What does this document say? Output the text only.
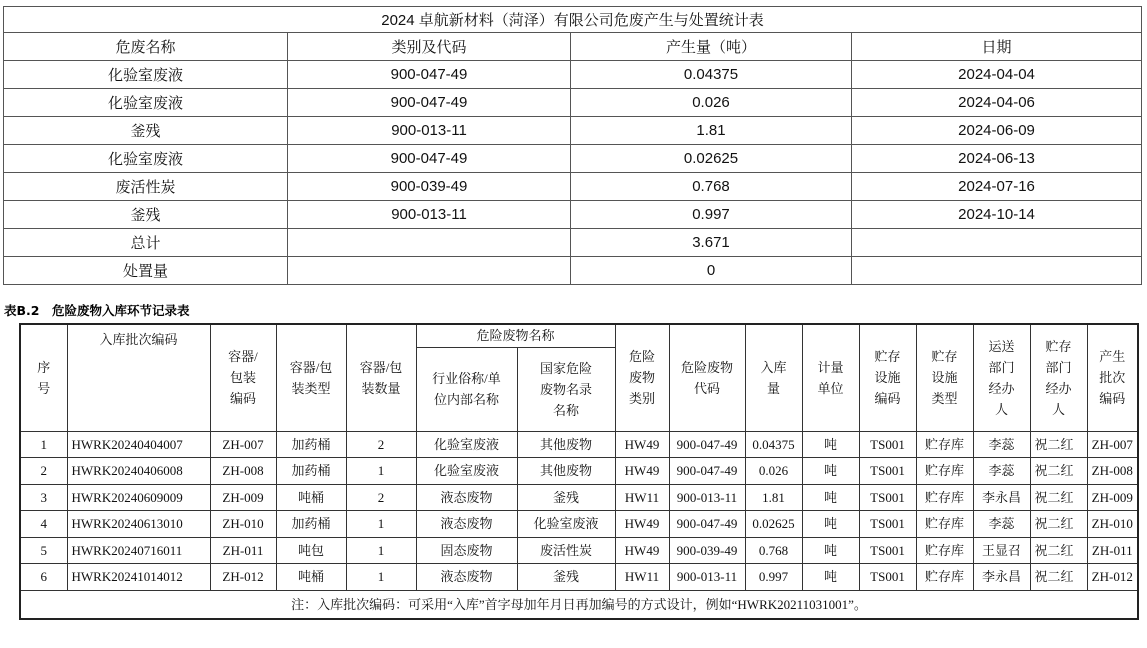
2024 卓航新材料（菏泽）有限公司危废产生与处置统计表			
危废名称	类别及代码	产生量（吨）	日期
化验室废液	900-047-49	0.04375	2024-04-04
化验室废液	900-047-49	0.026	2024-04-06
釜残	900-013-11	1.81	2024-06-09
化验室废液	900-047-49	0.02625	2024-06-13
废活性炭	900-039-49	0.768	2024-07-16
釜残	900-013-11	0.997	2024-10-14
总计		3.671	
处置量		0	
表B.2　危险废物入库环节记录表
序号	入库批次编码	容器/包装编码	容器/包装类型	容器/包装数量	危险废物名称		危险废物类别	危险废物代码	入库量	计量单位	贮存设施编码	贮存设施类型	运送部门经办人	贮存部门经办人	产生批次编码
					行业俗称/单位内部名称	国家危险废物名录名称									
1	HWRK20240404007	ZH-007	加药桶	2	化验室废液	其他废物	HW49	900-047-49	0.04375	吨	TS001	贮存库	李蕊	祝二红	ZH-007
2	HWRK20240406008	ZH-008	加药桶	1	化验室废液	其他废物	HW49	900-047-49	0.026	吨	TS001	贮存库	李蕊	祝二红	ZH-008
3	HWRK20240609009	ZH-009	吨桶	2	液态废物	釜残	HW11	900-013-11	1.81	吨	TS001	贮存库	李永昌	祝二红	ZH-009
4	HWRK20240613010	ZH-010	加药桶	1	液态废物	化验室废液	HW49	900-047-49	0.02625	吨	TS001	贮存库	李蕊	祝二红	ZH-010
5	HWRK20240716011	ZH-011	吨包	1	固态废物	废活性炭	HW49	900-039-49	0.768	吨	TS001	贮存库	王显召	祝二红	ZH-011
6	HWRK20241014012	ZH-012	吨桶	1	液态废物	釜残	HW11	900-013-11	0.997	吨	TS001	贮存库	李永昌	祝二红	ZH-012
注：入库批次编码：可采用“入库”首字母加年月日再加编号的方式设计，例如“HWRK20211031001”。															
